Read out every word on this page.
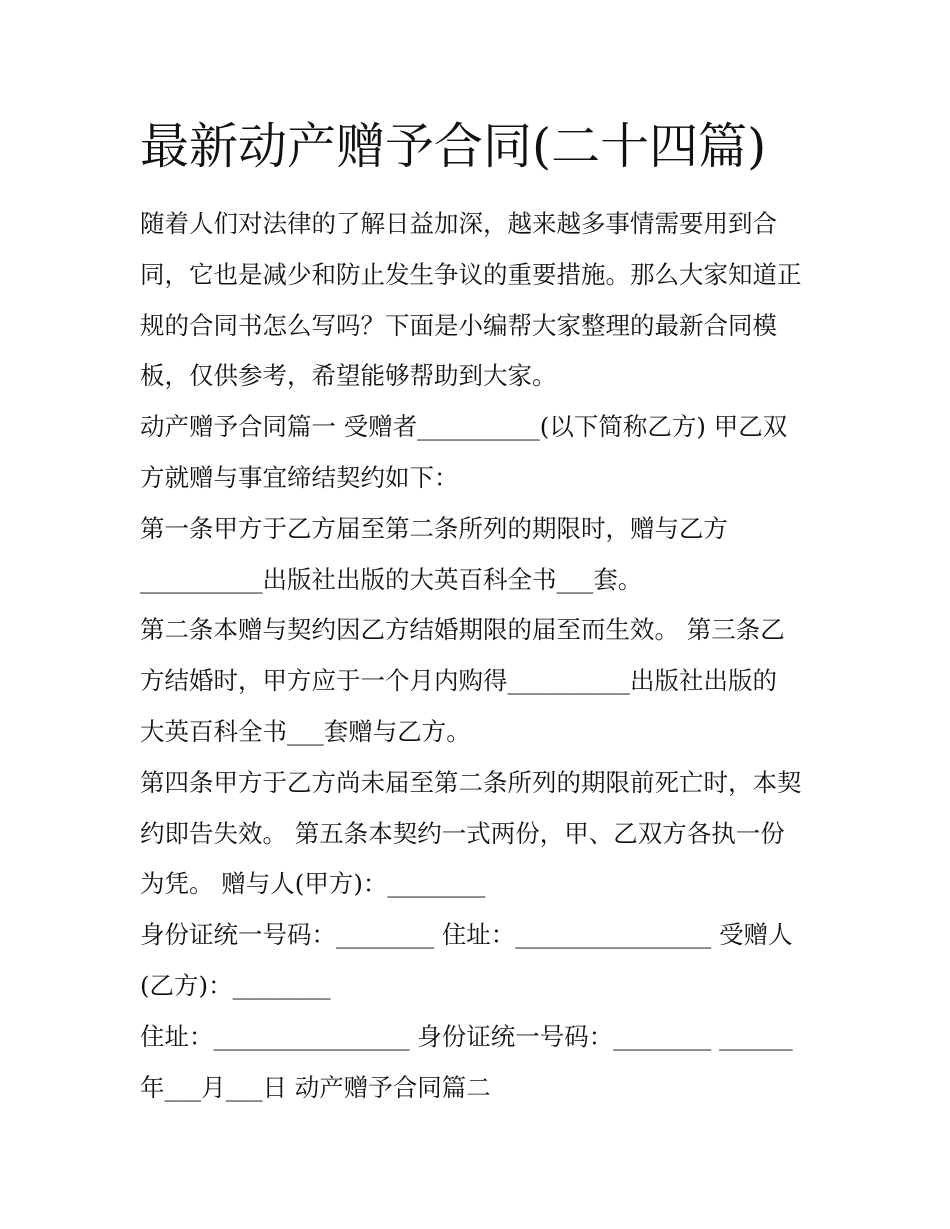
最新动产赠予合同(二十四篇)
随着人们对法律的了解日益加深，越来越多事情需要用到合
同，它也是减少和防止发生争议的重要措施。那么大家知道正
规的合同书怎么写吗？下面是小编帮大家整理的最新合同模
板，仅供参考，希望能够帮助到大家。
动产赠予合同篇一 受赠者__________(以下简称乙方) 甲乙双
方就赠与事宜缔结契约如下：
第一条甲方于乙方届至第二条所列的期限时，赠与乙方
__________出版社出版的大英百科全书___套。
第二条本赠与契约因乙方结婚期限的届至而生效。 第三条乙
方结婚时，甲方应于一个月内购得__________出版社出版的
大英百科全书___套赠与乙方。
第四条甲方于乙方尚未届至第二条所列的期限前死亡时，本契
约即告失效。 第五条本契约一式两份，甲、乙双方各执一份
为凭。 赠与人(甲方)：________
身份证统一号码：________ 住址：________________ 受赠人
(乙方)：________
住址：________________ 身份证统一号码：________ ______
年___月___日 动产赠予合同篇二
